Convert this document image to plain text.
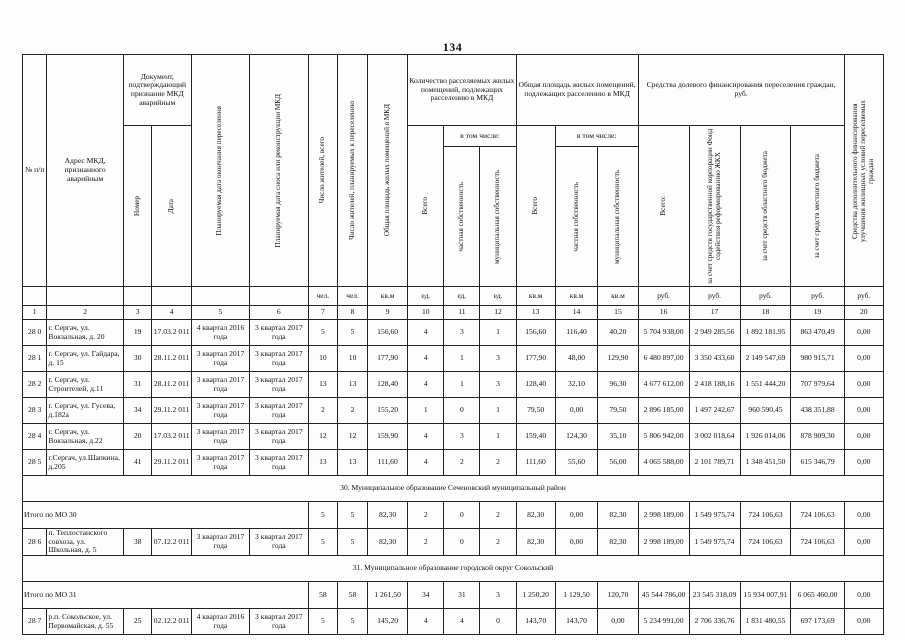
134
№ п/п	Адрес МКД, признанного аварийным	Документ, подтверждающий признание МКД аварийным		Планируемая дата окончания переселения	Планируемая дата сноса или реконструкции МКД	Число жителей, всего	Число жителей, планируемых к переселению	Общая площадь жилых помещений в МКД	Количество расселяемых жилых помещений, подлежащих расселению в МКД			Общая площадь жилых помещений, подлежащих расселению в МКД			Средства долевого финансирования переселения граждан, руб.				Средства дополнительного финансирования улучшения жилищных условий переселяемых граждан

		Номер	Дата						Всего	в том числе:		Всего	в том числе:		Всего:	за счет средств государственной корпорации Фонд содействия реформированию ЖКХ	за счет средств областного бюджета	за счет средств местного бюджета	

										частная собственность	муниципальная собственность		частная собственность	муниципальная собственность					

						чел.	чел.	кв.м	ед.	ед.	ед.	кв.м	кв.м	кв.м	руб.	руб.	руб.	руб.	руб.
1	2	3	4	5	6	7	8	9	10	11	12	13	14	15	16	17	18	19	20
28 0	г. Сергач, ул. Вокзальная, д. 20	19	17.03.2 011	4 квартал 2016 года	3 квартал 2017 года	5	5	156,60	4	3	1	156,60	116,40	40,20	5 704 938,00	2 949 285,56	1 892 181,95	863 470,49	0,00
28 1	г. Сергач, ул. Гайдара, д. 15	30	28.11.2 011	3 квартал 2017 года	3 квартал 2017 года	10	10	177,90	4	1	3	177,90	48,00	129,90	6 480 897,00	3 350 433,60	2 149 547,69	980 915,71	0,00
28 2	г. Сергач, ул. Строителей, д.11	31	28.11.2 011	3 квартал 2017 года	3 квартал 2017 года	13	13	128,40	4	1	3	128,40	32,10	96,30	4 677 612,00	2 418 188,16	1 551 444,20	707 979,64	0,00
28 3	г. Сергач, ул. Гусева, д.182а	34	29.11.2 011	3 квартал 2017 года	3 квартал 2017 года	2	2	155,20	1	0	1	79,50	0,00	79,50	2 896 185,00	1 497 242,67	960 590,45	438 351,88	0,00
28 4	г. Сергач, ул. Вокзальная, д.22	20	17.03.2 011	3 квартал 2017 года	3 квартал 2017 года	12	12	159,90	4	3	1	159,40	124,30	35,10	5 806 942,00	3 002 018,64	1 926 014,06	878 909,30	0,00
28 5	г.Сергач, ул.Шапкина, д.205	41	29.11.2 011	3 квартал 2017 года	3 квартал 2017 года	13	13	111,60	4	2	2	111,60	55,60	56,00	4 065 588,00	2 101 789,71	1 348 451,50	615 346,79	0,00
30. Муниципальное образование Сеченовский муниципальный район																			
Итого по МО 30						5	5	82,30	2	0	2	82,30	0,00	82,30	2 998 189,00	1 549 975,74	724 106,63	724 106,63	0,00
28 6	п. Теплостанского совхоза, ул. Школьная, д. 5	38	07.12.2 011	3 квартал 2017 года	3 квартал 2017 года	5	5	82,30	2	0	2	82,30	0,00	82,30	2 998 189,00	1 549 975,74	724 106,63	724 106,63	0,00
31. Муниципальное образование городской округ Сокольский																			
Итого по МО 31						58	58	1 261,50	34	31	3	1 250,20	1 129,50	120,70	45 544 786,00	23 545 318,09	15 934 007,91	6 065 460,00	0,00
28 7	р.п. Сокольское, ул. Первомайская, д. 55	25	02.12.2 011	4 квартал 2016 года	3 квартал 2017 года	5	5	145,20	4	4	0	143,70	143,70	0,00	5 234 991,00	2 706 336,76	1 831 480,55	697 173,69	0,00
